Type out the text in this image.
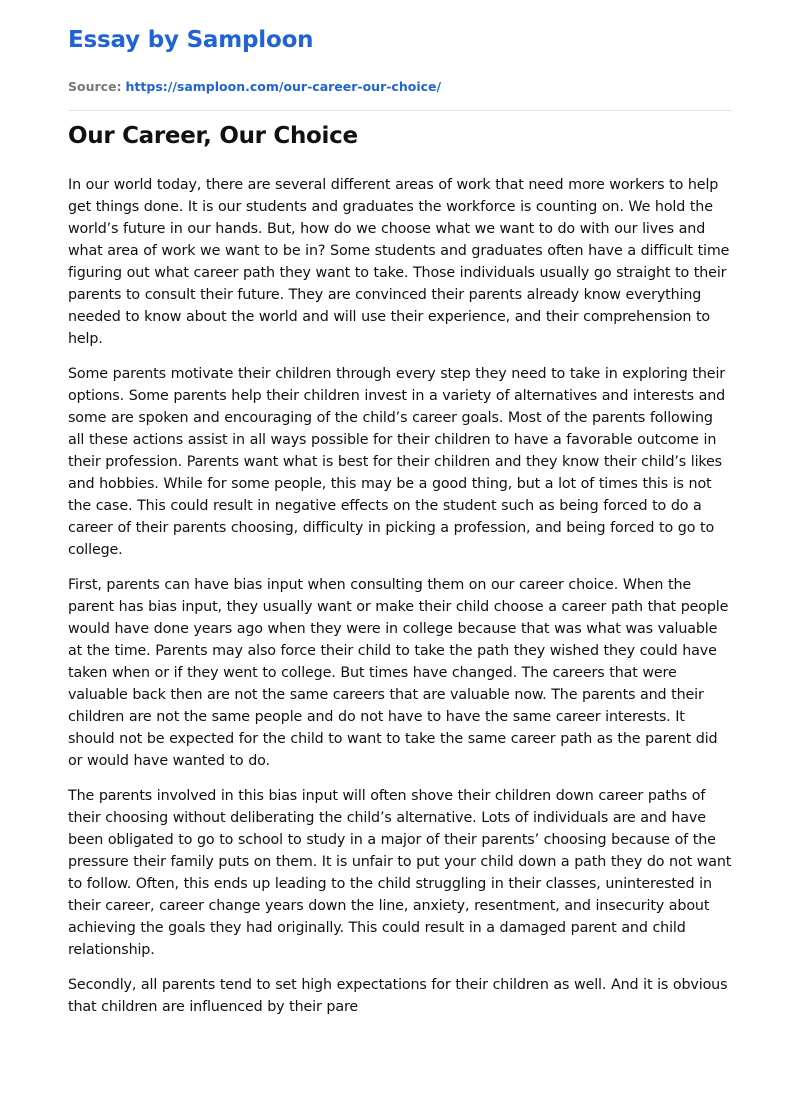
Essay by Samploon
Source: https://samploon.com/our-career-our-choice/
Our Career, Our Choice

In our world today, there are several different areas of work that need more workers to help get things done. It is our students and graduates the workforce is counting on. We hold the world’s future in our hands. But, how do we choose what we want to do with our lives and what area of work we want to be in? Some students and graduates often have a difficult time figuring out what career path they want to take. Those individuals usually go straight to their parents to consult their future. They are convinced their parents already know everything needed to know about the world and will use their experience, and their comprehension to help.

Some parents motivate their children through every step they need to take in exploring their options. Some parents help their children invest in a variety of alternatives and interests and some are spoken and encouraging of the child’s career goals. Most of the parents following all these actions assist in all ways possible for their children to have a favorable outcome in their profession. Parents want what is best for their children and they know their child’s likes and hobbies. While for some people, this may be a good thing, but a lot of times this is not the case. This could result in negative effects on the student such as being forced to do a career of their parents choosing, difficulty in picking a profession, and being forced to go to college.

First, parents can have bias input when consulting them on our career choice. When the parent has bias input, they usually want or make their child choose a career path that people would have done years ago when they were in college because that was what was valuable at the time. Parents may also force their child to take the path they wished they could have taken when or if they went to college. But times have changed. The careers that were valuable back then are not the same careers that are valuable now. The parents and their children are not the same people and do not have to have the same career interests. It should not be expected for the child to want to take the same career path as the parent did or would have wanted to do.

The parents involved in this bias input will often shove their children down career paths of their choosing without deliberating the child’s alternative. Lots of individuals are and have been obligated to go to school to study in a major of their parents’ choosing because of the pressure their family puts on them. It is unfair to put your child down a path they do not want to follow. Often, this ends up leading to the child struggling in their classes, uninterested in their career, career change years down the line, anxiety, resentment, and insecurity about achieving the goals they had originally. This could result in a damaged parent and child relationship.

Secondly, all parents tend to set high expectations for their children as well. And it is obvious that children are influenced by their pare
